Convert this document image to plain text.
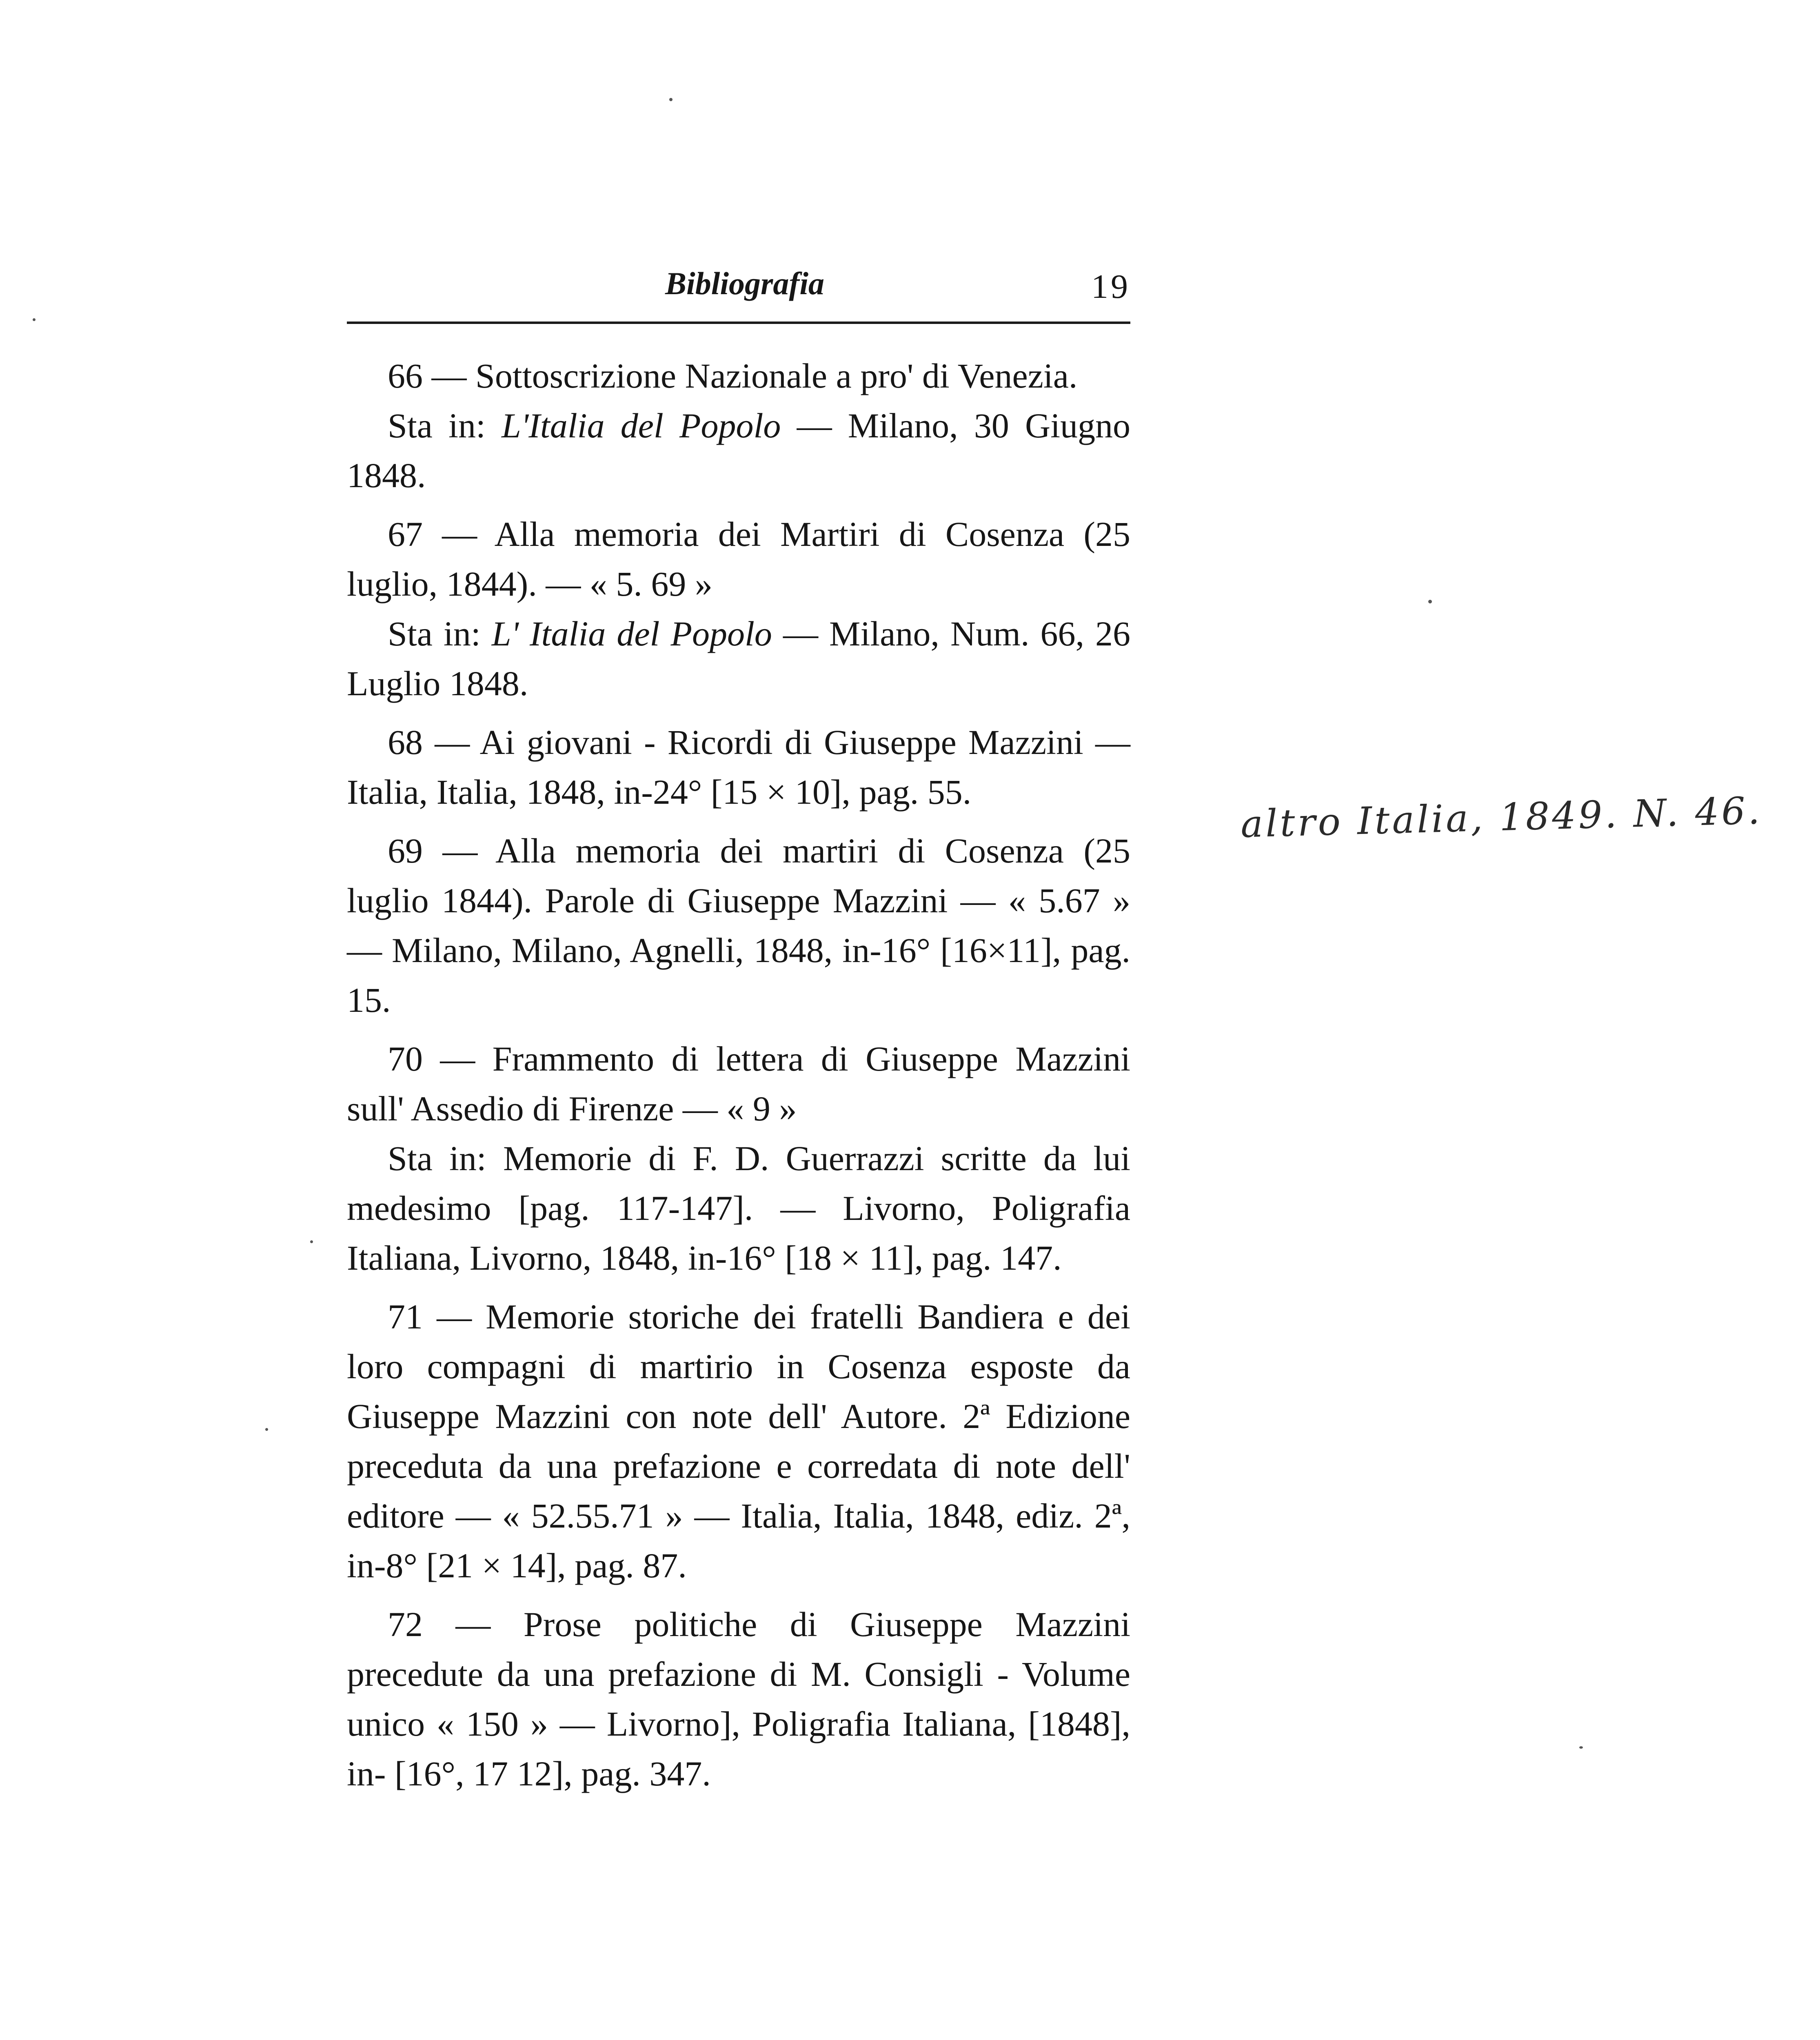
Bibliografia	19

66 — Sottoscrizione Nazionale a pro' di Venezia.

Sta in: L'Italia del Popolo — Milano, 30 Giugno 1848.

67 — Alla memoria dei Martiri di Cosenza (25 luglio, 1844). — « 5. 69 »

Sta in: L' Italia del Popolo — Milano, Num. 66, 26 Luglio 1848.

68 — Ai giovani - Ricordi di Giuseppe Mazzini — Italia, Italia, 1848, in-24° [15 × 10], pag. 55.

69 — Alla memoria dei martiri di Cosenza (25 luglio 1844). Parole di Giuseppe Mazzini — « 5.67 » — Milano, Milano, Agnelli, 1848, in-16° [16×11], pag. 15.

70 — Frammento di lettera di Giuseppe Mazzini sull' Assedio di Firenze — « 9 »

Sta in: Memorie di F. D. Guerrazzi scritte da lui medesimo [pag. 117-147]. — Livorno, Poligrafia Italiana, Livorno, 1848, in-16° [18 × 11], pag. 147.

71 — Memorie storiche dei fratelli Bandiera e dei loro compagni di martirio in Cosenza esposte da Giuseppe Mazzini con note dell' Autore. 2ª Edizione preceduta da una prefazione e corredata di note dell' editore — « 52.55.71 » — Italia, Italia, 1848, ediz. 2ª, in-8° [21 × 14], pag. 87.

72 — Prose politiche di Giuseppe Mazzini precedute da una prefazione di M. Consigli - Volume unico « 150 » — Livorno], Poligrafia Italiana, [1848], in- [16°, 17 12], pag. 347.

altro Italia, 1849. N. 46.
